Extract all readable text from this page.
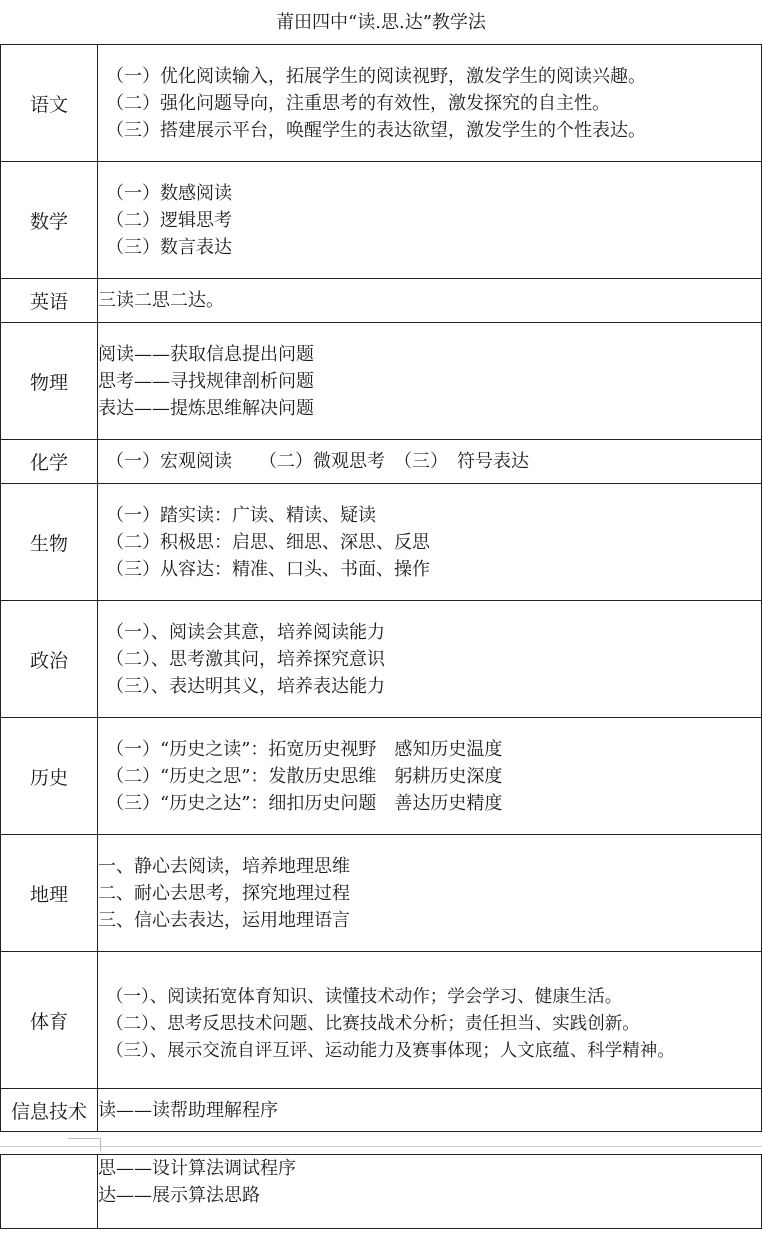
莆田四中“读.思.达”教学法
语文	（一）优化阅读输入，拓展学生的阅读视野，激发学生的阅读兴趣。
（二）强化问题导向，注重思考的有效性，激发探究的自主性。
（三）搭建展示平台，唤醒学生的表达欲望，激发学生的个性表达。

数学	（一）数感阅读
（二）逻辑思考
（三）数言表达

英语	三读二思二达。

物理	阅读——获取信息提出问题
思考——寻找规律剖析问题
表达——提炼思维解决问题

化学	（一）宏观阅读　　（二）微观思考　（三）　符号表达

生物	（一）踏实读：广读、精读、疑读
（二）积极思：启思、细思、深思、反思
（三）从容达：精准、口头、书面、操作

政治	（一）、阅读会其意，培养阅读能力
（二）、思考激其问，培养探究意识
（三）、表达明其义，培养表达能力

历史	（一）“历史之读”：拓宽历史视野　感知历史温度
（二）“历史之思”：发散历史思维　躬耕历史深度
（三）“历史之达”：细扣历史问题　善达历史精度

地理	一、静心去阅读，培养地理思维
二、耐心去思考，探究地理过程
三、信心去表达，运用地理语言

体育	（一）、阅读拓宽体育知识、读懂技术动作；学会学习、健康生活。
（二）、思考反思技术问题、比赛技战术分析；责任担当、实践创新。
（三）、展示交流自评互评、运动能力及赛事体现；人文底蕴、科学精神。

信息技术	读——读帮助理解程序

思——设计算法调试程序
达——展示算法思路
